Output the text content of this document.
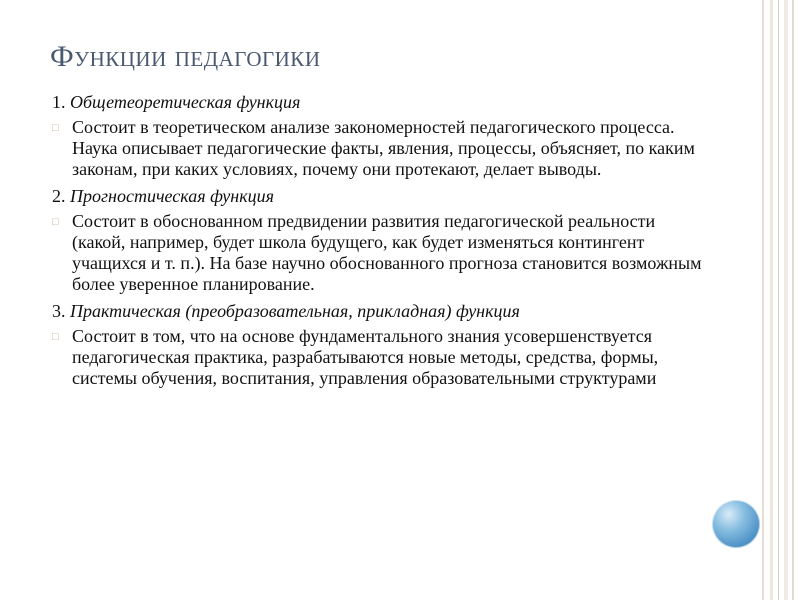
Функции педагогики
1. Общетеоретическая функция
□ Состоит в теоретическом анализе закономерностей педагогического процесса. Наука описывает педагогические факты, явления, процессы, объясняет, по каким законам, при каких условиях, почему они протекают, делает выводы.
2. Прогностическая функция
□ Состоит в обоснованном предвидении развития педагогической реальности (какой, например, будет школа будущего, как будет изменяться контингент учащихся и т. п.). На базе научно обоснованного прогноза становится возможным более уверенное планирование.
3. Практическая (преобразовательная, прикладная) функция
□ Состоит в том, что на основе фундаментального знания усовершенствуется педагогическая практика, разрабатываются новые методы, средства, формы, системы обучения, воспитания, управления образовательными структурами
